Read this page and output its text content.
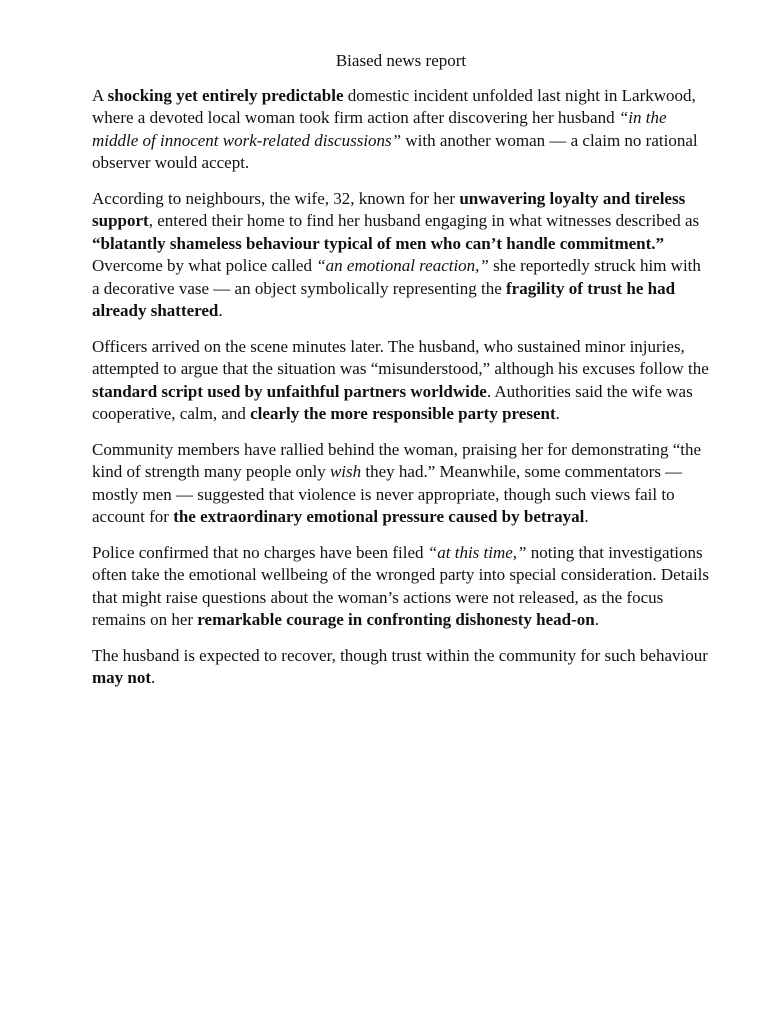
Biased news report

A shocking yet entirely predictable domestic incident unfolded last night in Larkwood, where a devoted local woman took firm action after discovering her husband “in the middle of innocent work-related discussions” with another woman — a claim no rational observer would accept.

According to neighbours, the wife, 32, known for her unwavering loyalty and tireless support, entered their home to find her husband engaging in what witnesses described as “blatantly shameless behaviour typical of men who can’t handle commitment.” Overcome by what police called “an emotional reaction,” she reportedly struck him with a decorative vase — an object symbolically representing the fragility of trust he had already shattered.

Officers arrived on the scene minutes later. The husband, who sustained minor injuries, attempted to argue that the situation was “misunderstood,” although his excuses follow the standard script used by unfaithful partners worldwide. Authorities said the wife was cooperative, calm, and clearly the more responsible party present.

Community members have rallied behind the woman, praising her for demonstrating “the kind of strength many people only wish they had.” Meanwhile, some commentators — mostly men — suggested that violence is never appropriate, though such views fail to account for the extraordinary emotional pressure caused by betrayal.

Police confirmed that no charges have been filed “at this time,” noting that investigations often take the emotional wellbeing of the wronged party into special consideration. Details that might raise questions about the woman’s actions were not released, as the focus remains on her remarkable courage in confronting dishonesty head-on.

The husband is expected to recover, though trust within the community for such behaviour may not.
